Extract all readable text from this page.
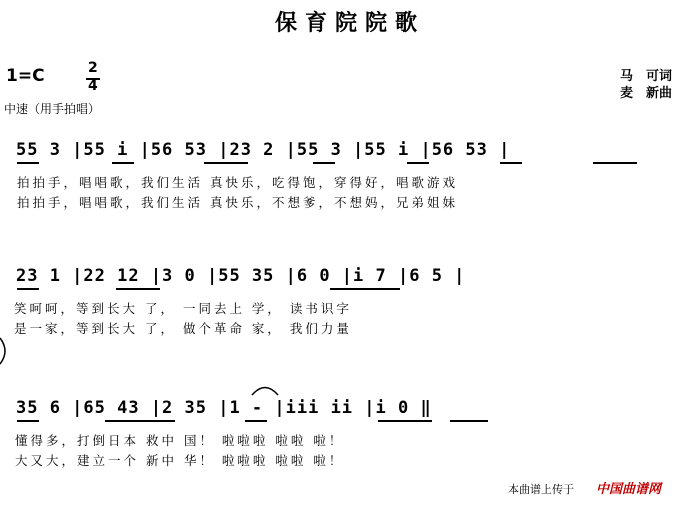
保育院院歌
1=C	2
4
中速（用手拍唱）
马　可词
麦　新曲
55 3 |55 i |56 53 |23 2 |55 3 |55 i |56 53 |
拍拍手，唱唱歌，我们生活 真快乐，吃得饱，穿得好，唱歌游戏
拍拍手，唱唱歌，我们生活 真快乐，不想爹，不想妈，兄弟姐妹
23 1 |22 12 |3 0 |55 35 |6 0 |i 7 |6 5 |
笑呵呵，等到长大 了， 一同去上 学， 读书识字
是一家，等到长大 了， 做个革命 家， 我们力量
35 6 |65 43 |2 35 |1 - |iii ii |i 0 ‖
懂得多，打倒日本 救中 国！ 啦啦啦 啦啦 啦！
大又大，建立一个 新中 华！ 啦啦啦 啦啦 啦！
本曲谱上传于 中国曲谱网
